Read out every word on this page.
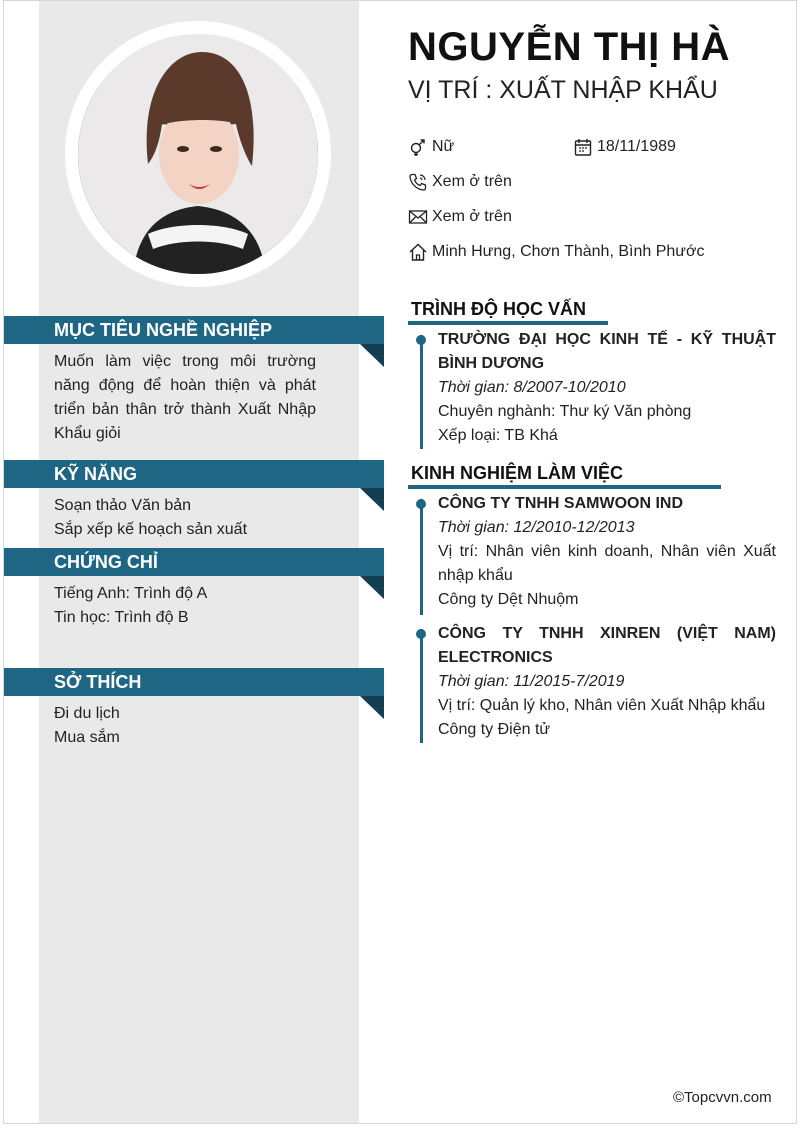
MỤC TIÊU NGHỀ NGHIỆP
Muốn làm việc trong môi trường năng động để hoàn thiện và phát triển bản thân trở thành Xuất Nhập Khẩu giỏi
KỸ NĂNG
Soạn thảo Văn bản
Sắp xếp kế hoạch sản xuất
CHỨNG CHỈ
Tiếng Anh: Trình độ A
Tin học: Trình độ B
SỞ THÍCH
Đi du lịch
Mua sắm
NGUYỄN THỊ HÀ
VỊ TRÍ : XUẤT NHẬP KHẨU
Nữ	18/11/1989
Xem ở trên
Xem ở trên
Minh Hưng, Chơn Thành, Bình Phước
TRÌNH ĐỘ HỌC VẤN
TRƯỜNG ĐẠI HỌC KINH TẾ - KỸ THUẬT BÌNH DƯƠNG
Thời gian: 8/2007-10/2010
Chuyên nghành: Thư ký Văn phòng
Xếp loại: TB Khá
KINH NGHIỆM LÀM VIỆC
CÔNG TY TNHH SAMWOON IND
Thời gian: 12/2010-12/2013
Vị trí: Nhân viên kinh doanh, Nhân viên Xuất nhập khẩu
Công ty Dệt Nhuộm
CÔNG TY TNHH XINREN (VIỆT NAM) ELECTRONICS
Thời gian: 11/2015-7/2019
Vị trí: Quản lý kho, Nhân viên Xuất Nhập khẩu
Công ty Điện tử
©Topcvvn.com
